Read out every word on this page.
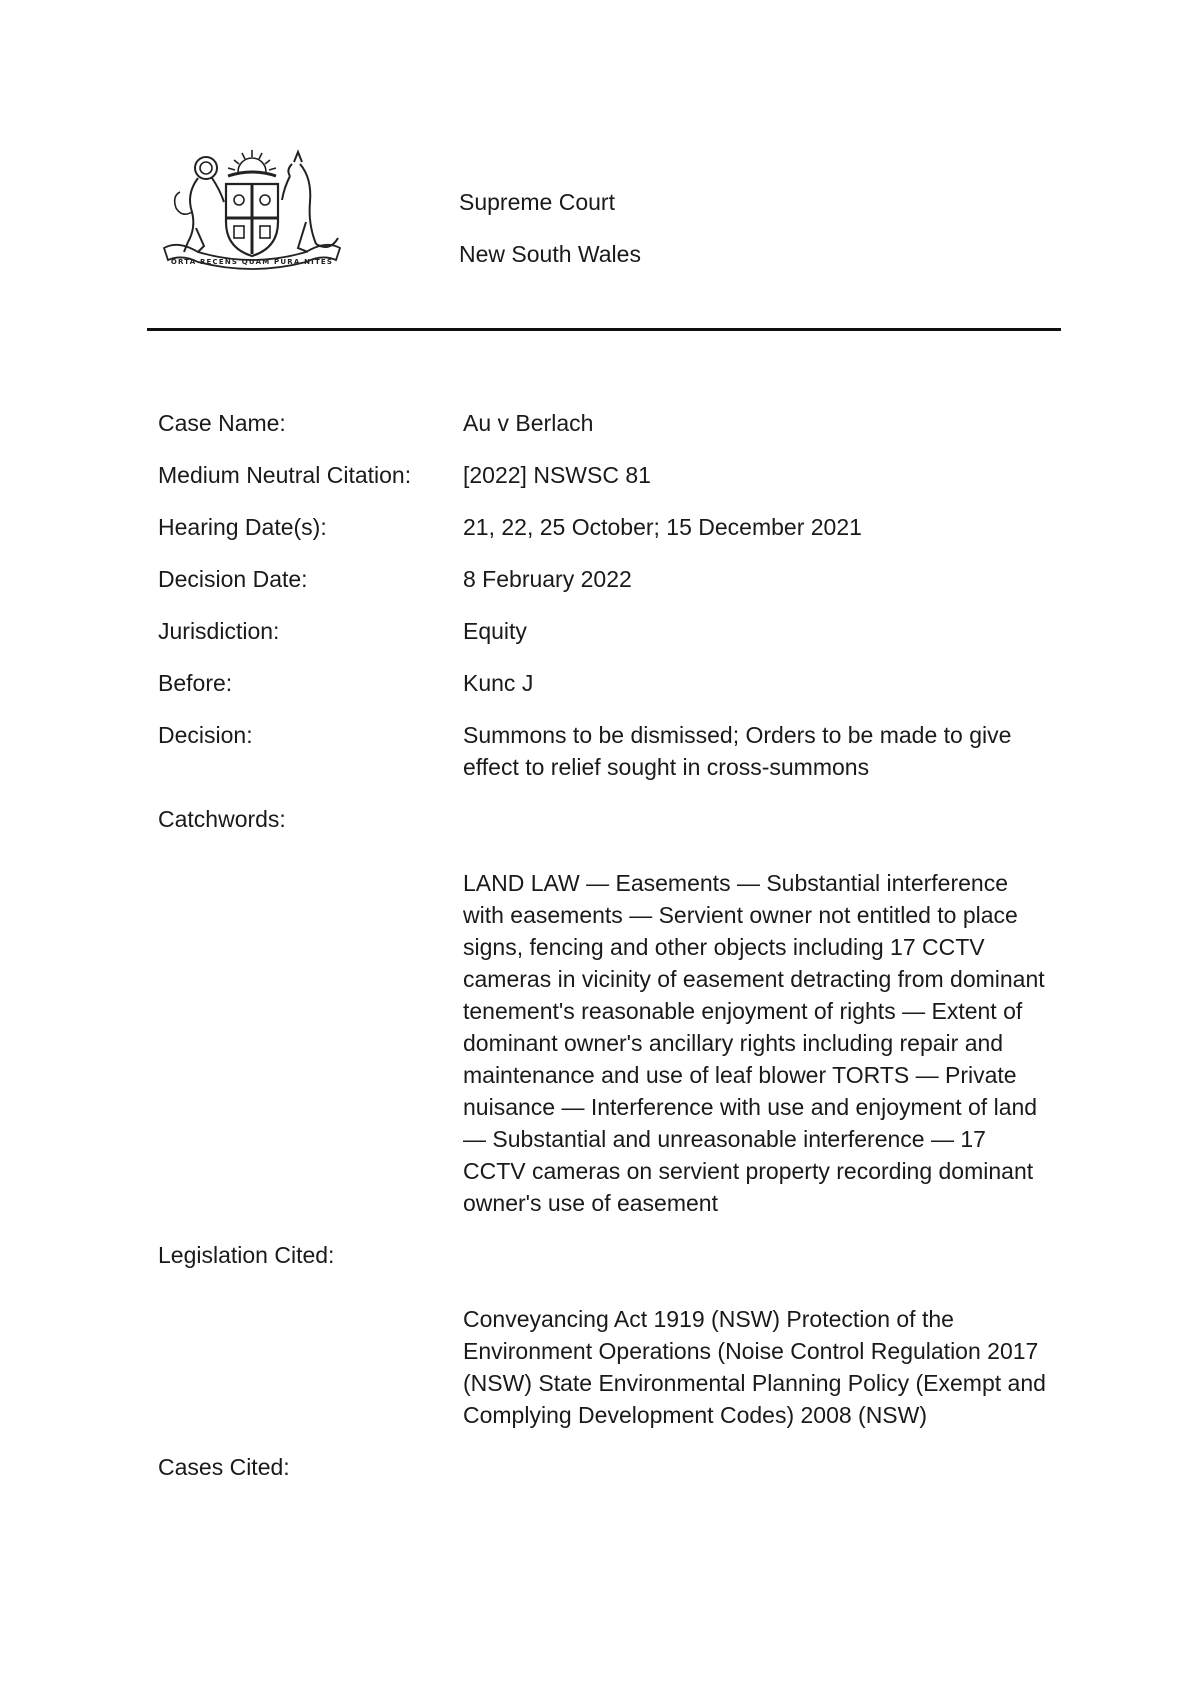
ORTA RECENS QUAM PURA NITES
Supreme Court
New South Wales
Case Name:	Au v Berlach
Medium Neutral Citation:	[2022] NSWSC 81
Hearing Date(s):	21, 22, 25 October; 15 December 2021
Decision Date:	8 February 2022
Jurisdiction:	Equity
Before:	Kunc J
Decision:	Summons to be dismissed; Orders to be made to give effect to relief sought in cross-summons
Catchwords:
LAND LAW — Easements — Substantial interference with easements — Servient owner not entitled to place signs, fencing and other objects including 17 CCTV cameras in vicinity of easement detracting from dominant tenement's reasonable enjoyment of rights — Extent of dominant owner's ancillary rights including repair and maintenance and use of leaf blower TORTS — Private nuisance — Interference with use and enjoyment of land — Substantial and unreasonable interference — 17 CCTV cameras on servient property recording dominant owner's use of easement
Legislation Cited:
Conveyancing Act 1919 (NSW) Protection of the Environment Operations (Noise Control Regulation 2017 (NSW) State Environmental Planning Policy (Exempt and Complying Development Codes) 2008 (NSW)
Cases Cited:
